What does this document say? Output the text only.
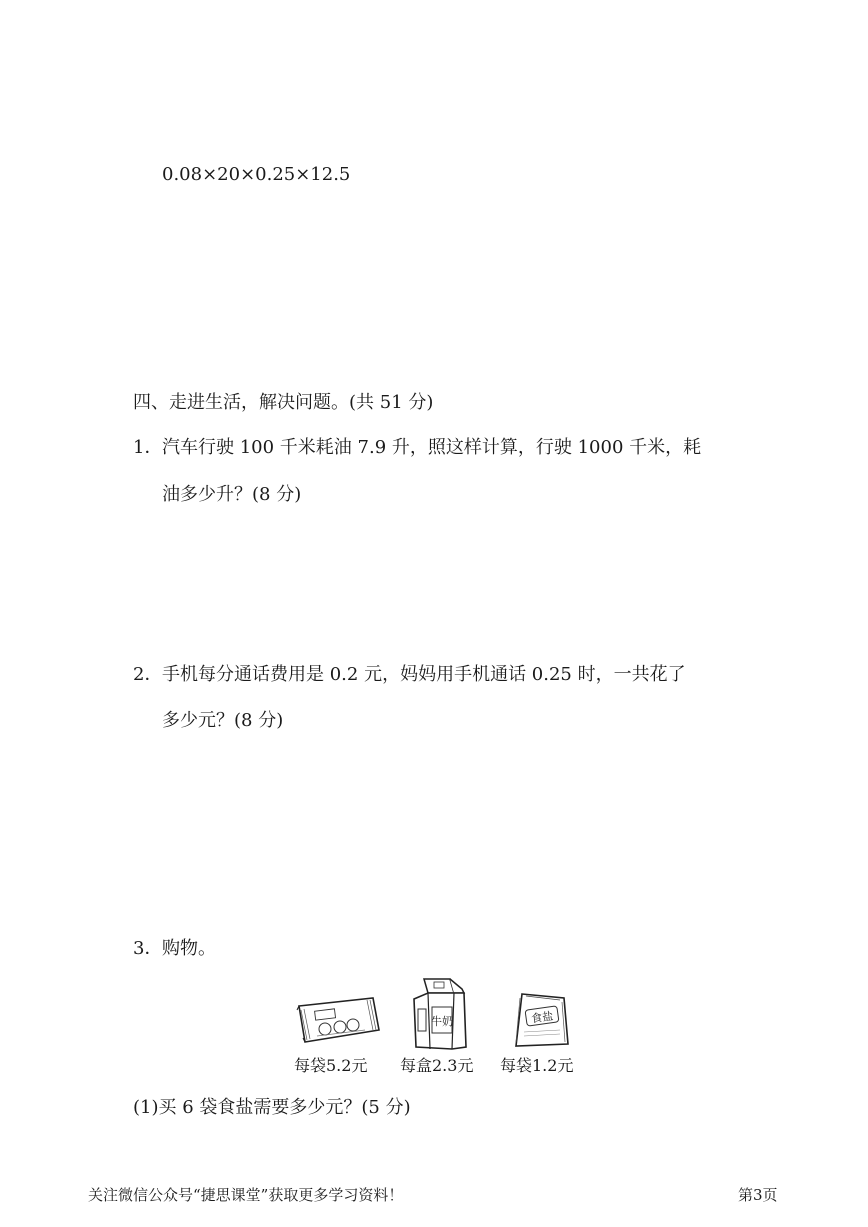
0.08×20×0.25×12.5
四、走进生活，解决问题。(共 51 分)
1． 汽车行驶 100 千米耗油 7.9 升，照这样计算，行驶 1000 千米，耗
油多少升？(8 分)
2． 手机每分通话费用是 0.2 元，妈妈用手机通话 0.25 时，一共花了
多少元？(8 分)
3． 购物。
每袋5.2元
牛奶
每盒2.3元
食盐
每袋1.2元
(1)买 6 袋食盐需要多少元？(5 分)
关注微信公众号“捷思课堂”获取更多学习资料！	第3页
